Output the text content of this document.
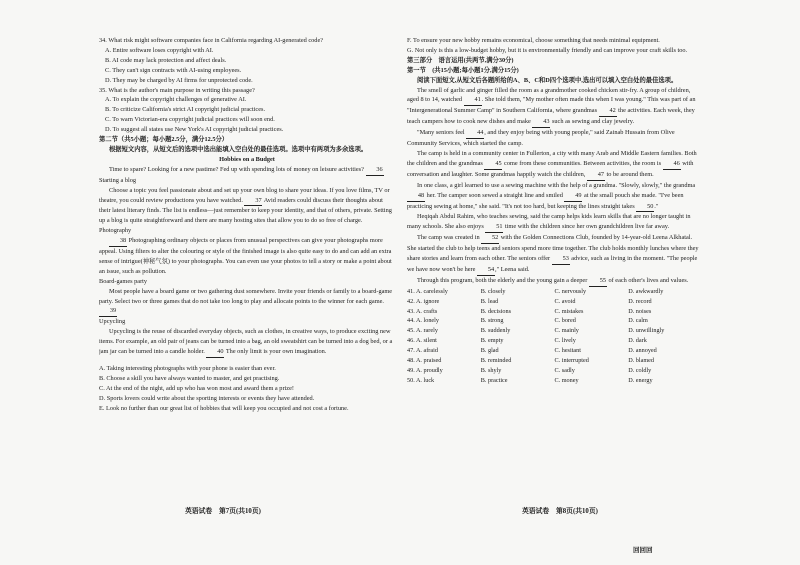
34. What risk might software companies face in California regarding AI-generated code?

A. Entire software loses copyright with AI.

B. AI code may lack protection and affect deals.

C. They can't sign contracts with AI-using employees.

D. They may be charged by AI firms for unprotected code.

35. What is the author's main purpose in writing this passage?

A. To explain the copyright challenges of generative AI.

B. To criticize California's strict AI copyright judicial practices.

C. To warn Victorian-era copyright judicial practices will soon end.

D. To suggest all states use New York's AI copyright judicial practices.

第二节（共5小题；每小题2.5分，满分12.5分）

根据短文内容，从短文后的选项中选出能填入空白处的最佳选项。选项中有两项为多余选项。

Hobbies on a Budget

Time to spare? Looking for a new pastime? Fed up with spending lots of money on leisure activities? 36

Starting a blog

Choose a topic you feel passionate about and set up your own blog to share your ideas. If you love films, TV or theatre, you could review productions you have watched. 37 Avid readers could discuss their thoughts about their latest literary finds. The list is endless—just remember to keep your identity, and that of others, private. Setting up a blog is quite straightforward and there are many hosting sites that allow you to do so free of charge.

Photography

38 Photographing ordinary objects or places from unusual perspectives can give your photographs more appeal. Using filters to alter the colouring or style of the finished image is also quite easy to do and can add an extra sense of intrigue(神秘气氛) to your photographs. You can even use your photos to tell a story or make a point about an issue, such as pollution.

Board-games party

Most people have a board game or two gathering dust somewhere. Invite your friends or family to a board-game party. Select two or three games that do not take too long to play and allocate points to the winner for each game. 39

Upcycling

Upcycling is the reuse of discarded everyday objects, such as clothes, in creative ways, to produce exciting new items. For example, an old pair of jeans can be turned into a bag, an old sweatshirt can be turned into a dog bed, or a jam jar can be turned into a candle holder. 40 The only limit is your own imagination.

A. Taking interesting photographs with your phone is easier than ever.

B. Choose a skill you have always wanted to master, and get practising.

C. At the end of the night, add up who has won most and award them a prize!

D. Sports lovers could write about the sporting interests or events they have attended.

E. Look no further than our great list of hobbies that will keep you occupied and not cost a fortune.

F. To ensure your new hobby remains economical, choose something that needs minimal equipment.

G. Not only is this a low-budget hobby, but it is environmentally friendly and can improve your craft skills too.

第三部分　语言运用(共两节,满分30分)

第一节　(共15小题;每小题1分,满分15分)

阅读下面短文,从短文后各题所给的A、B、C和D四个选项中,选出可以填入空白处的最佳选项。

The smell of garlic and ginger filled the room as a grandmother cooked chicken stir-fry. A group of children, aged 8 to 14, watched 41. She told them, "My mother often made this when I was young." This was part of an "Intergenerational Summer Camp" in Southern California, where grandmas 42 the activities. Each week, they teach campers how to cook new dishes and make 43 such as sewing and clay jewelry.

"Many seniors feel 44, and they enjoy being with young people," said Zainab Hussain from Olive Community Services, which started the camp.

The camp is held in a community center in Fullerton, a city with many Arab and Middle Eastern families. Both the children and the grandmas 45 come from these communities. Between activities, the room is 46 with conversation and laughter. Some grandmas happily watch the children, 47 to be around them.

In one class, a girl learned to use a sewing machine with the help of a grandma. "Slowly, slowly," the grandma 48 her. The camper soon sewed a straight line and smiled 49 at the small pouch she made. "I've been practicing sewing at home," she said. "It's not too hard, but keeping the lines straight takes 50."

Heqiqah Abdul Rahim, who teaches sewing, said the camp helps kids learn skills that are no longer taught in many schools. She also enjoys 51 time with the children since her own grandchildren live far away.

The camp was created in 52 with the Golden Connections Club, founded by 14-year-old Leena Alkhatal. She started the club to help teens and seniors spend more time together. The club holds monthly lunches where they share stories and learn from each other. The seniors offer 53 advice, such as living in the moment. "The people we have now won't be here 54," Leena said.

Through this program, both the elderly and the young gain a deeper 55 of each other's lives and values.

41. A. carelessly	B. closely	C. nervously	D. awkwardly
42. A. ignore	B. lead	C. avoid	D. record
43. A. crafts	B. decisions	C. mistakes	D. noises
44. A. lonely	B. strong	C. bored	D. calm
45. A. rarely	B. suddenly	C. mainly	D. unwillingly
46. A. silent	B. empty	C. lively	D. dark
47. A. afraid	B. glad	C. hesitant	D. annoyed
48. A. praised	B. reminded	C. interrupted	D. blamed
49. A. proudly	B. shyly	C. sadly	D. coldly
50. A. luck	B. practice	C. money	D. energy
英语试卷　第7页(共10页)	英语试卷　第8页(共10页)
回回回
